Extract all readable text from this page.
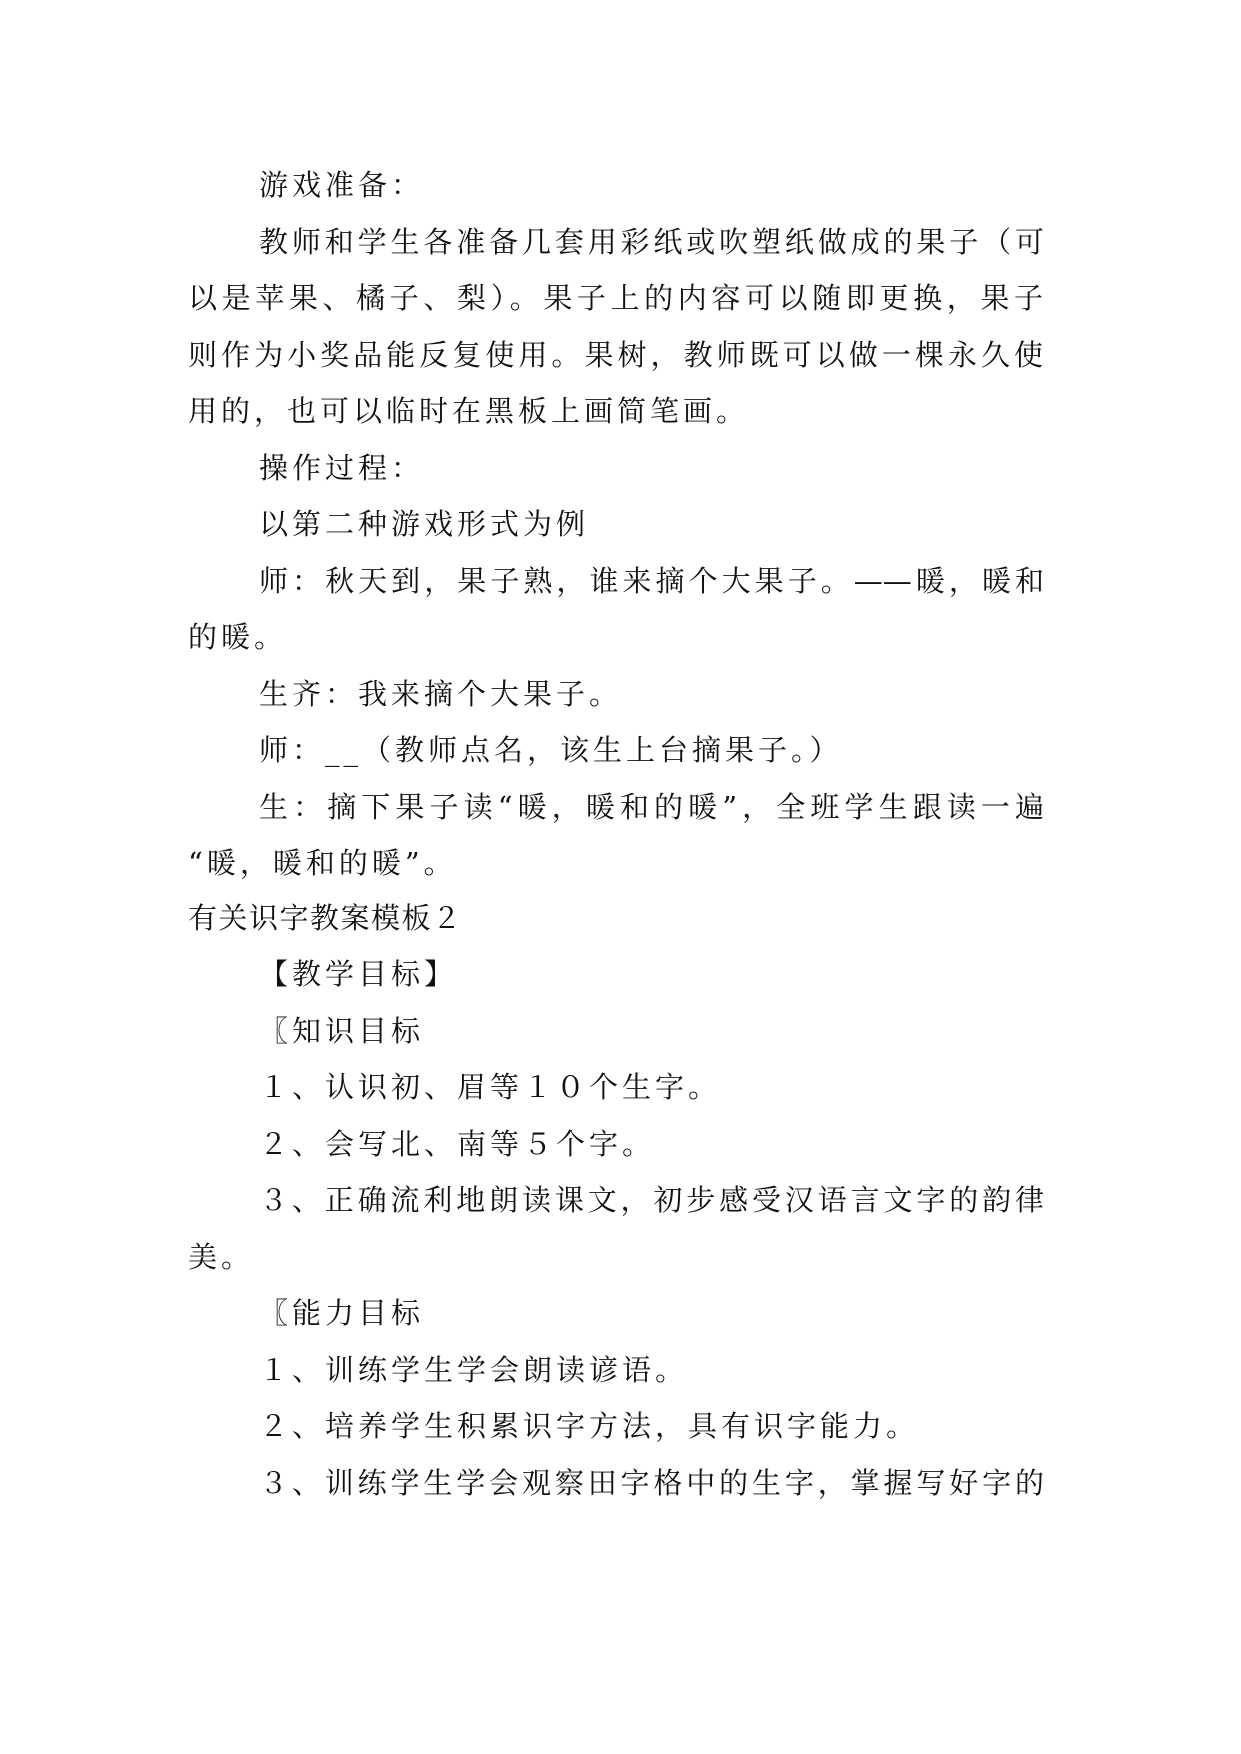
游戏准备：
教师和学生各准备几套用彩纸或吹塑纸做成的果子（可
以是苹果、橘子、梨）。果子上的内容可以随即更换，果子
则作为小奖品能反复使用。果树，教师既可以做一棵永久使
用的，也可以临时在黑板上画简笔画。
操作过程：
以第二种游戏形式为例
师：秋天到，果子熟，谁来摘个大果子。——暖，暖和
的暖。
生齐：我来摘个大果子。
师：__（教师点名，该生上台摘果子。）
生：摘下果子读“暖，暖和的暖”，全班学生跟读一遍
“暖，暖和的暖”。
有关识字教案模板２
【教学目标】
〖知识目标
１、认识初、眉等１０个生字。
２、会写北、南等５个字。
３、正确流利地朗读课文，初步感受汉语言文字的韵律
美。
〖能力目标
１、训练学生学会朗读谚语。
２、培养学生积累识字方法，具有识字能力。
３、训练学生学会观察田字格中的生字，掌握写好字的
